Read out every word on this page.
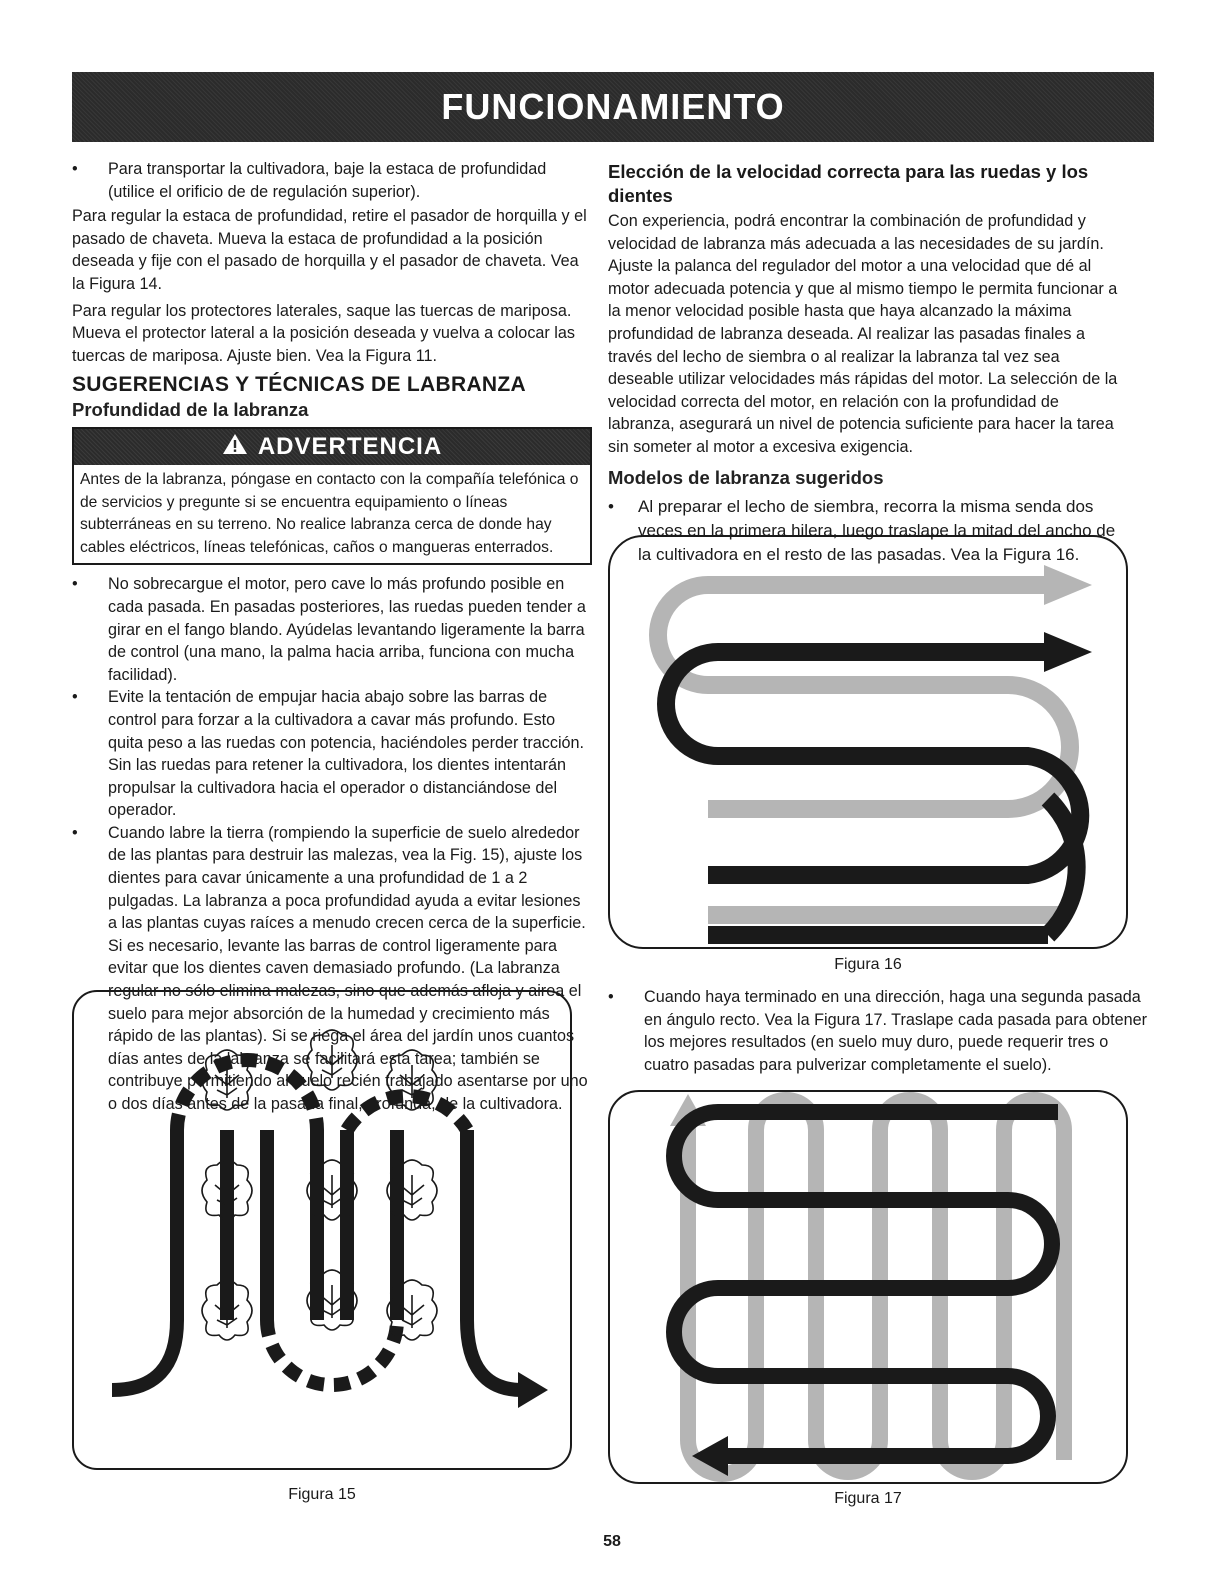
FUNCIONAMIENTO

• Para transportar la cultivadora, baje la estaca de profundidad (utilice el orificio de de regulación superior).

Para regular la estaca de profundidad, retire el pasador de horquilla y el pasado de chaveta. Mueva la estaca de profundidad a la posición deseada y fije con el pasado de horquilla y el pasador de chaveta. Vea la Figura 14.

Para regular los protectores laterales, saque las tuercas de mariposa. Mueva el protector lateral a la posición deseada y vuelva a colocar las tuercas de mariposa. Ajuste bien. Vea la Figura 11.

SUGERENCIAS Y TÉCNICAS DE LABRANZA
Profundidad de la labranza
ADVERTENCIA
Antes de la labranza, póngase en contacto con la compañía telefónica o de servicios y pregunte si se encuentra equipamiento o líneas subterráneas en su terreno. No realice labranza cerca de donde hay cables eléctricos, líneas telefónicas, caños o mangueras enterrados.

• No sobrecargue el motor, pero cave lo más profundo posible en cada pasada. En pasadas posteriores, las ruedas pueden tender a girar en el fango blando. Ayúdelas levantando ligeramente la barra de control (una mano, la palma hacia arriba, funciona con mucha facilidad).

• Evite la tentación de empujar hacia abajo sobre las barras de control para forzar a la cultivadora a cavar más profundo. Esto quita peso a las ruedas con potencia, haciéndoles perder tracción. Sin las ruedas para retener la cultivadora, los dientes intentarán propulsar la cultivadora hacia el operador o distanciándose del operador.

• Cuando labre la tierra (rompiendo la superficie de suelo alrededor de las plantas para destruir las malezas, vea la Fig. 15), ajuste los dientes para cavar únicamente a una profundidad de 1 a 2 pulgadas. La labranza a poca profundidad ayuda a evitar lesiones a las plantas cuyas raíces a menudo crecen cerca de la superficie. Si es necesario, levante las barras de control ligeramente para evitar que los dientes caven demasiado profundo. (La labranza regular no sólo elimina malezas, sino que además afloja y airea el suelo para mejor absorción de la humedad y crecimiento más rápido de las plantas). Si se riega el área del jardín unos cuantos días antes de la labranza se facilitará esta tarea; también se contribuye permitiendo al suelo recién trabajado asentarse por uno o dos días antes de la pasada final, profunda, de la cultivadora.

Figura 15
Elección de la velocidad correcta para las ruedas y los dientes

Con experiencia, podrá encontrar la combinación de profundidad y velocidad de labranza más adecuada a las necesidades de su jardín. Ajuste la palanca del regulador del motor a una velocidad que dé al motor adecuada potencia y que al mismo tiempo le permita funcionar a la menor velocidad posible hasta que haya alcanzado la máxima profundidad de labranza deseada. Al realizar las pasadas finales a través del lecho de siembra o al realizar la labranza tal vez sea deseable utilizar velocidades más rápidas del motor. La selección de la velocidad correcta del motor, en relación con la profundidad de labranza, asegurará un nivel de potencia suficiente para hacer la tarea sin someter al motor a excesiva exigencia.

Modelos de labranza sugeridos

• Al preparar el lecho de siembra, recorra la misma senda dos veces en la primera hilera, luego traslape la mitad del ancho de la cultivadora en el resto de las pasadas. Vea la Figura 16.

Figura 16

• Cuando haya terminado en una dirección, haga una segunda pasada en ángulo recto. Vea la Figura 17. Traslape cada pasada para obtener los mejores resultados (en suelo muy duro, puede requerir tres o cuatro pasadas para pulverizar completamente el suelo).

Figura 17
58
